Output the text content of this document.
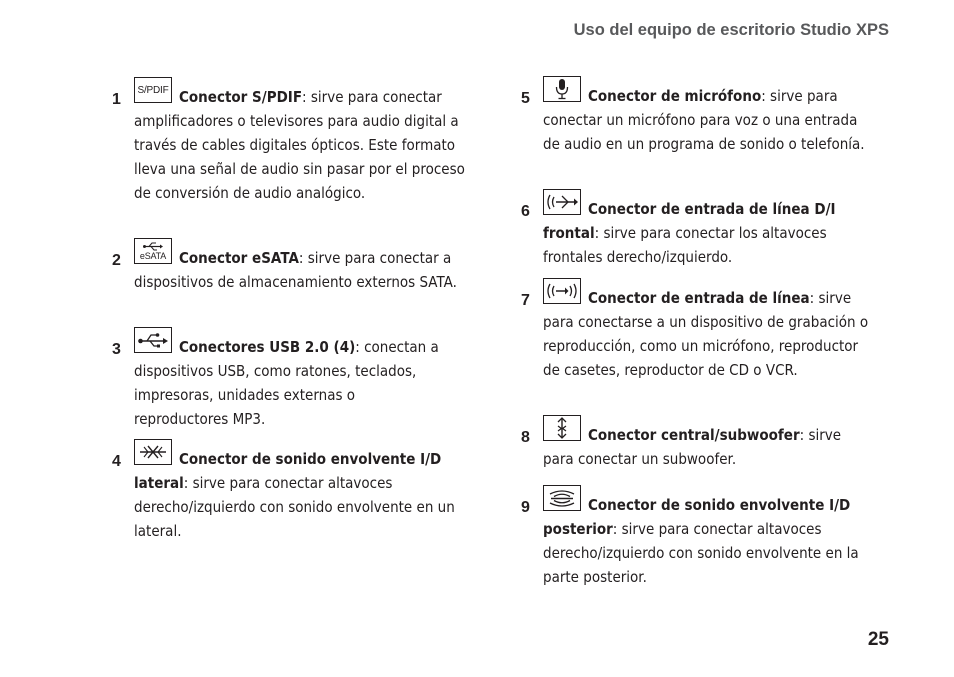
Uso del equipo de escritorio Studio XPS
1
S/PDIF Conector S/PDIF: sirve para conectar amplificadores o televisores para audio digital a través de cables digitales ópticos. Este formato lleva una señal de audio sin pasar por el proceso de conversión de audio analógico.

2 eSATA Conector eSATA: sirve para conectar a dispositivos de almacenamiento externos SATA.

3	Conectores USB 2.0 (4): conectan a dispositivos USB, como ratones, teclados, impresoras, unidades externas o reproductores MP3.

4	Conector de sonido envolvente I/D lateral: sirve para conectar altavoces derecho/izquierdo con sonido envolvente en un lateral.

5	Conector de micrófono: sirve para conectar un micrófono para voz o una entrada de audio en un programa de sonido o telefonía.

6	Conector de entrada de línea D/I frontal: sirve para conectar los altavoces frontales derecho/izquierdo.

7	Conector de entrada de línea: sirve para conectarse a un dispositivo de grabación o reproducción, como un micrófono, reproductor de casetes, reproductor de CD o VCR.

8	Conector central/subwoofer: sirve para conectar un subwoofer.

9	Conector de sonido envolvente I/D posterior: sirve para conectar altavoces derecho/izquierdo con sonido envolvente en la parte posterior.

25
